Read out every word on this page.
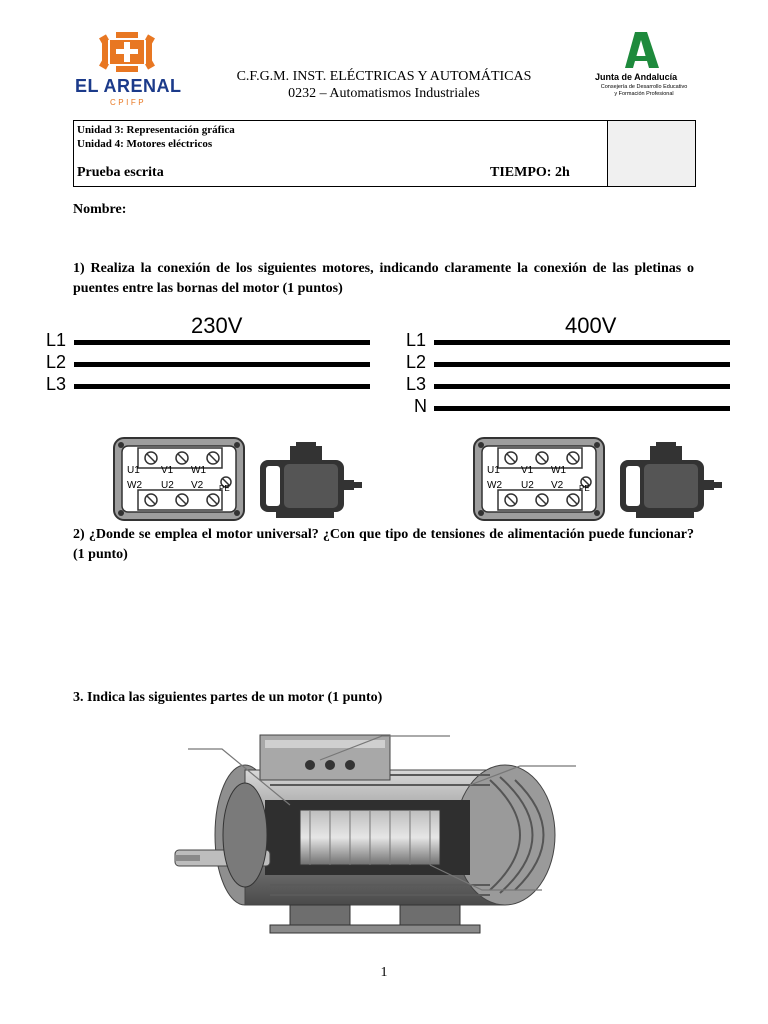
EL ARENAL
CPIFP
C.F.G.M. INST. ELÉCTRICAS Y AUTOMÁTICAS
0232 – Automatismos Industriales
Junta de Andalucía
Consejería de Desarrollo Educativo
y Formación Profesional
Unidad 3: Representación gráfica
Unidad 4: Motores eléctricos
Prueba escrita	TIEMPO: 2h
Nombre:
1) Realiza la conexión de los siguientes motores, indicando claramente la conexión de las pletinas o puentes entre las bornas del motor (1 puntos)
230V
L1
L2
L3
400V
L1
L2
L3
N
U1 V1 W1
W2 U2 V2 PE
U1 V1 W1
W2 U2 V2 PE
2) ¿Donde se emplea el motor universal? ¿Con que tipo de tensiones de alimentación puede funcionar? (1 punto)
3. Indica las siguientes partes de un motor (1 punto)
1
